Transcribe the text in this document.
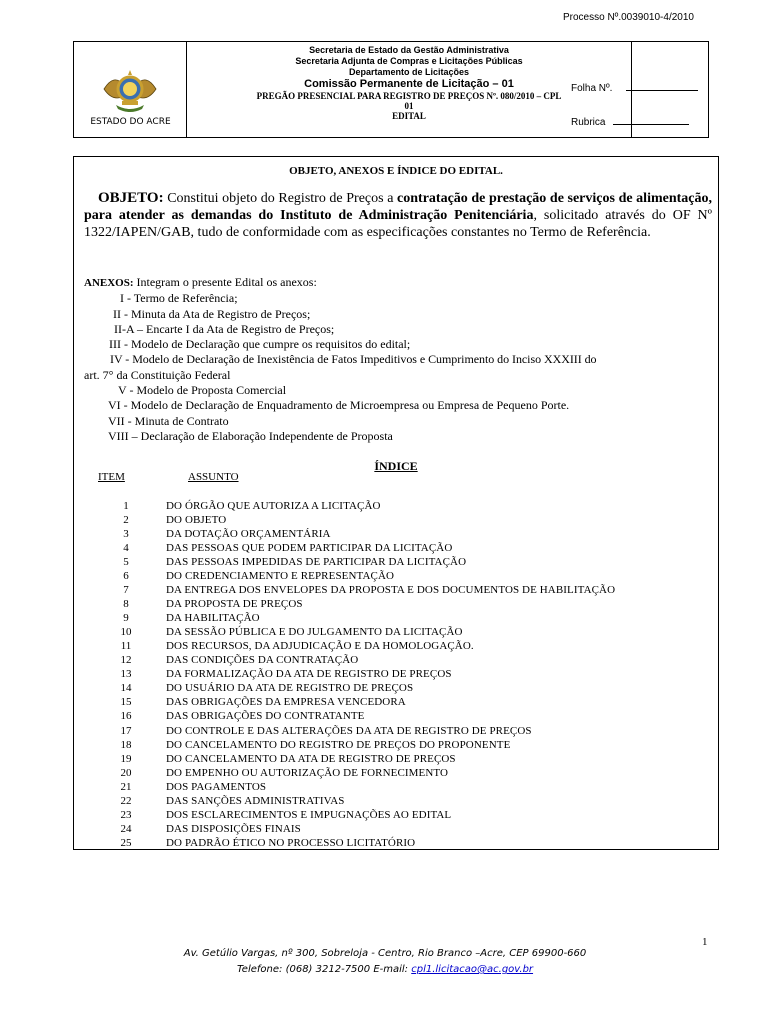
ESTADO DO ACRE
Secretaria de Estado da Gestão Administrativa
Secretaria Adjunta de Compras e Licitações Públicas
Departamento de Licitações
Comissão Permanente de Licitação – 01
PREGÃO PRESENCIAL PARA REGISTRO DE PREÇOS Nº. 080/2010 – CPL
01
EDITAL
Processo Nº.0039010-4/2010
Folha Nº.
Rubrica
OBJETO, ANEXOS E ÍNDICE DO EDITAL.
OBJETO: Constitui objeto do Registro de Preços a contratação de prestação de serviços de alimentação, para atender as demandas do Instituto de Administração Penitenciária, solicitado através do OF Nº 1322/IAPEN/GAB, tudo de conformidade com as especificações constantes no Termo de Referência.
ANEXOS: Integram o presente Edital os anexos:
I - Termo de Referência;
II - Minuta da Ata de Registro de Preços;
II-A – Encarte I da Ata de Registro de Preços;
III - Modelo de Declaração que cumpre os requisitos do edital;
IV - Modelo de Declaração de Inexistência de Fatos Impeditivos e Cumprimento do Inciso XXXIII do
art. 7° da Constituição Federal
V - Modelo de Proposta Comercial
VI - Modelo de Declaração de Enquadramento de Microempresa ou Empresa de Pequeno Porte.
VII - Minuta de Contrato
VIII – Declaração de Elaboração Independente de Proposta
ÍNDICE
ITEM	ASSUNTO
1	DO ÓRGÃO QUE AUTORIZA A LICITAÇÃO
2	DO OBJETO
3	DA DOTAÇÃO ORÇAMENTÁRIA
4	DAS PESSOAS QUE PODEM PARTICIPAR DA LICITAÇÃO
5	DAS PESSOAS IMPEDIDAS DE PARTICIPAR DA LICITAÇÃO
6	DO CREDENCIAMENTO E REPRESENTAÇÃO
7	DA ENTREGA DOS ENVELOPES DA PROPOSTA E DOS DOCUMENTOS DE HABILITAÇÃO
8	DA PROPOSTA DE PREÇOS
9	DA HABILITAÇÃO
10	DA SESSÃO PÚBLICA E DO JULGAMENTO DA LICITAÇÃO
11	DOS RECURSOS, DA ADJUDICAÇÃO E DA HOMOLOGAÇÃO.
12	DAS CONDIÇÕES DA CONTRATAÇÃO
13	DA FORMALIZAÇÃO DA ATA DE REGISTRO DE PREÇOS
14	DO USUÁRIO DA ATA DE REGISTRO DE PREÇOS
15	DAS OBRIGAÇÕES DA EMPRESA VENCEDORA
16	DAS OBRIGAÇÕES DO CONTRATANTE
17	DO CONTROLE E DAS ALTERAÇÕES DA ATA DE REGISTRO DE PREÇOS
18	DO CANCELAMENTO DO REGISTRO DE PREÇOS DO PROPONENTE
19	DO CANCELAMENTO DA ATA DE REGISTRO DE PREÇOS
20	DO EMPENHO OU AUTORIZAÇÃO DE FORNECIMENTO
21	DOS PAGAMENTOS
22	DAS SANÇÕES ADMINISTRATIVAS
23	DOS ESCLARECIMENTOS E IMPUGNAÇÕES AO EDITAL
24	DAS DISPOSIÇÕES FINAIS
25	DO PADRÃO ÉTICO NO PROCESSO LICITATÓRIO
1
Av. Getúlio Vargas, nº 300, Sobreloja - Centro, Rio Branco –Acre, CEP 69900-660
Telefone: (068) 3212-7500 E-mail: cpl1.licitacao@ac.gov.br
